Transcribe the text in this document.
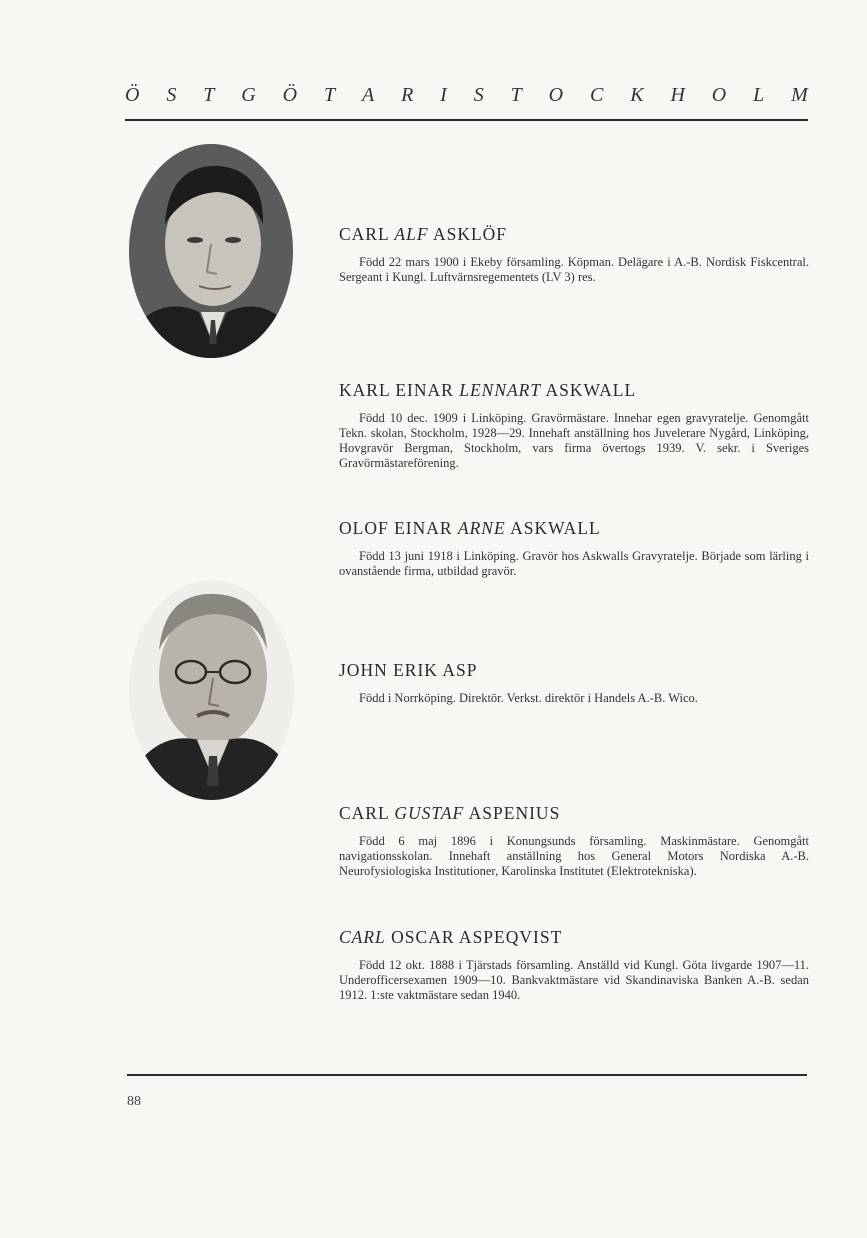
Ö S T G Ö T A R I S T O C K H O L M

CARL ALF ASKLÖF

Född 22 mars 1900 i Ekeby församling. Köpman. Delägare i A.-B. Nordisk Fiskcentral. Sergeant i Kungl. Luftvärnsregementets (LV 3) res.

KARL EINAR LENNART ASKWALL

Född 10 dec. 1909 i Linköping. Gravörmästare. Innehar egen gravyratelje. Genomgått Tekn. skolan, Stockholm, 1928—29. Innehaft anställning hos Juvelerare Nygård, Linköping, Hovgravör Bergman, Stockholm, vars firma övertogs 1939. V. sekr. i Sveriges Gravörmästareförening.

OLOF EINAR ARNE ASKWALL

Född 13 juni 1918 i Linköping. Gravör hos Askwalls Gravyratelje. Började som lärling i ovanstående firma, utbildad gravör.

JOHN ERIK ASP

Född i Norrköping. Direktör. Verkst. direktör i Handels A.-B. Wico.

CARL GUSTAF ASPENIUS

Född 6 maj 1896 i Konungsunds församling. Maskinmästare. Genomgått navigationsskolan. Innehaft anställning hos General Motors Nordiska A.-B. Neurofysiologiska Institutioner, Karolinska Institutet (Elektrotekniska).

CARL OSCAR ASPEQVIST

Född 12 okt. 1888 i Tjärstads församling. Anställd vid Kungl. Göta livgarde 1907—11. Underofficersexamen 1909—10. Bankvaktmästare vid Skandinaviska Banken A.-B. sedan 1912. 1:ste vaktmästare sedan 1940.

88
